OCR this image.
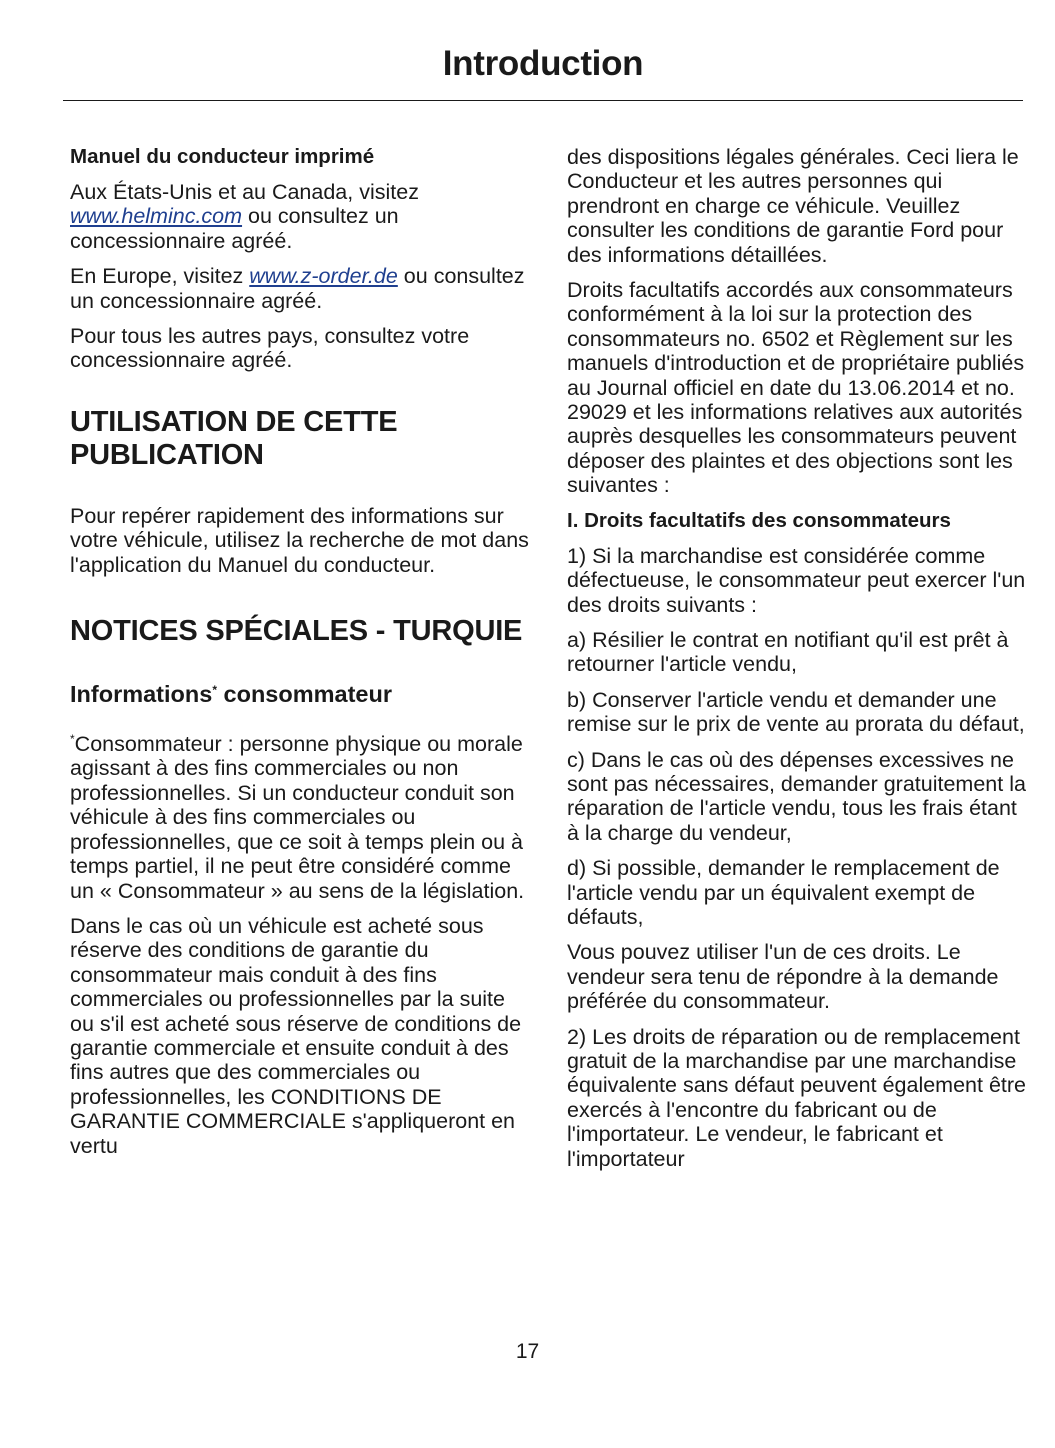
Introduction
Manuel du conducteur imprimé

Aux États-Unis et au Canada, visitez www.helminc.com ou consultez un concessionnaire agréé.

En Europe, visitez www.z-order.de ou consultez un concessionnaire agréé.

Pour tous les autres pays, consultez votre concessionnaire agréé.

UTILISATION DE CETTE PUBLICATION

Pour repérer rapidement des informations sur votre véhicule, utilisez la recherche de mot dans l'application du Manuel du conducteur.

NOTICES SPÉCIALES - TURQUIE
Informations* consommateur

*Consommateur : personne physique ou morale agissant à des fins commerciales ou non professionnelles. Si un conducteur conduit son véhicule à des fins commerciales ou professionnelles, que ce soit à temps plein ou à temps partiel, il ne peut être considéré comme un « Consommateur » au sens de la législation.

Dans le cas où un véhicule est acheté sous réserve des conditions de garantie du consommateur mais conduit à des fins commerciales ou professionnelles par la suite ou s'il est acheté sous réserve de conditions de garantie commerciale et ensuite conduit à des fins autres que des commerciales ou professionnelles, les CONDITIONS DE GARANTIE COMMERCIALE s'appliqueront en vertu

des dispositions légales générales. Ceci liera le Conducteur et les autres personnes qui prendront en charge ce véhicule. Veuillez consulter les conditions de garantie Ford pour des informations détaillées.

Droits facultatifs accordés aux consommateurs conformément à la loi sur la protection des consommateurs no. 6502 et Règlement sur les manuels d'introduction et de propriétaire publiés au Journal officiel en date du 13.06.2014 et no. 29029 et les informations relatives aux autorités auprès desquelles les consommateurs peuvent déposer des plaintes et des objections sont les suivantes :

I. Droits facultatifs des consommateurs

1) Si la marchandise est considérée comme défectueuse, le consommateur peut exercer l'un des droits suivants :

a) Résilier le contrat en notifiant qu'il est prêt à retourner l'article vendu,

b) Conserver l'article vendu et demander une remise sur le prix de vente au prorata du défaut,

c) Dans le cas où des dépenses excessives ne sont pas nécessaires, demander gratuitement la réparation de l'article vendu, tous les frais étant à la charge du vendeur,

d) Si possible, demander le remplacement de l'article vendu par un équivalent exempt de défauts,

Vous pouvez utiliser l'un de ces droits. Le vendeur sera tenu de répondre à la demande préférée du consommateur.

2) Les droits de réparation ou de remplacement gratuit de la marchandise par une marchandise équivalente sans défaut peuvent également être exercés à l'encontre du fabricant ou de l'importateur. Le vendeur, le fabricant et l'importateur

17
